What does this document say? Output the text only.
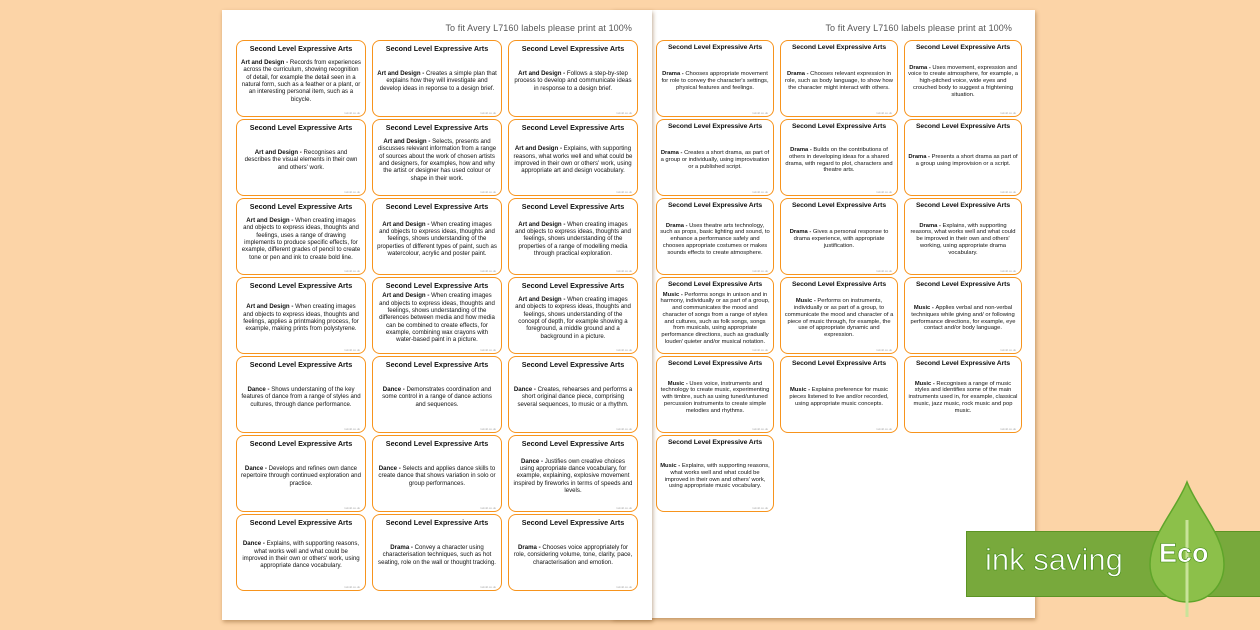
To fit Avery L7160 labels please print at 100%
Second Level Expressive Arts
Drama - Chooses appropriate movement for role to convey the character's settings, physical features and feelings.
twinkl.co.uk
Second Level Expressive Arts
Drama - Chooses relevant expression in role, such as body language, to show how the character might interact with others.
twinkl.co.uk
Second Level Expressive Arts
Drama - Uses movement, expression and voice to create atmosphere, for example, a high-pitched voice, wide eyes and crouched body to suggest a frightening situation.
twinkl.co.uk
Second Level Expressive Arts
Drama - Creates a short drama, as part of a group or individually, using improvisation or a published script.
twinkl.co.uk
Second Level Expressive Arts
Drama - Builds on the contributions of others in developing ideas for a shared drama, with regard to plot, characters and theatre arts.
twinkl.co.uk
Second Level Expressive Arts
Drama - Presents a short drama as part of a group using improvision or a script.
twinkl.co.uk
Second Level Expressive Arts
Drama - Uses theatre arts technology, such as props, basic lighting and sound, to enhance a performance safely and chooses appropriate costumes or makes sounds effects to create atmosphere.
twinkl.co.uk
Second Level Expressive Arts
Drama - Gives a personal response to drama experience, with appropriate justification.
twinkl.co.uk
Second Level Expressive Arts
Drama - Explains, with supporting reasons, what works well and what could be improved in their own and others' working, using appropriate drama vocabulary.
twinkl.co.uk
Second Level Expressive Arts
Music - Performs songs in unison and in harmony, individually or as part of a group, and communicates the mood and character of songs from a range of styles and cultures, such as folk songs, songs from musicals, using appropriate performance directions, such as gradually louder/ quieter and/or musical notation.
twinkl.co.uk
Second Level Expressive Arts
Music - Performs on instruments, individually or as part of a group, to communicate the mood and character of a piece of music through, for example, the use of appropriate dynamic and expression.
twinkl.co.uk
Second Level Expressive Arts
Music - Applies verbal and non-verbal techniques while giving and/ or following performance directions, for example, eye contact and/or body language.
twinkl.co.uk
Second Level Expressive Arts
Music - Uses voice, instruments and technology to create music, experimenting with timbre, such as using tuned/untuned percussion instruments to create simple melodies and rhythms.
twinkl.co.uk
Second Level Expressive Arts
Music - Explains preference for music pieces listened to live and/or recorded, using appropriate music concepts.
twinkl.co.uk
Second Level Expressive Arts
Music - Recognises a range of music styles and identifies some of the main instruments used in, for example, classical music, jazz music, rock music and pop music.
twinkl.co.uk
Second Level Expressive Arts
Music - Explains, with supporting reasons, what works well and what could be improved in their own and others' work, using appropriate music vocabulary.
twinkl.co.uk
To fit Avery L7160 labels please print at 100%
Second Level Expressive Arts
Art and Design - Records from experiences across the curriculum, showing recognition of detail, for example the detail seen in a natural form, such as a feather or a plant, or an interesting personal item, such as a bicycle.
twinkl.co.uk
Second Level Expressive Arts
Art and Design - Creates a simple plan that explains how they will investigate and develop ideas in reponse to a design brief.
twinkl.co.uk
Second Level Expressive Arts
Art and Design - Follows a step-by-step process to develop and communicate ideas in response to a design brief.
twinkl.co.uk
Second Level Expressive Arts
Art and Design - Recognises and describes the visual elements in their own and others' work.
twinkl.co.uk
Second Level Expressive Arts
Art and Design - Selects, presents and discusses relevant information from a range of sources about the work of chosen artists and designers, for examples, how and why the artist or designer has used colour or shape in their work.
twinkl.co.uk
Second Level Expressive Arts
Art and Design - Explains, with supporting reasons, what works well and what could be improved in their own or others' work, using appropriate art and design vocabulary.
twinkl.co.uk
Second Level Expressive Arts
Art and Design - When creating images and objects to express ideas, thoughts and feelings, uses a range of drawing implements to produce specific effects, for example, different grades of pencil to create tone or pen and ink to create bold line.
twinkl.co.uk
Second Level Expressive Arts
Art and Design - When creating images and objects to express ideas, thoughts and feelings, shows understanding of the properties of different types of paint, such as watercolour, acrylic and poster paint.
twinkl.co.uk
Second Level Expressive Arts
Art and Design - When creating images and objects to express ideas, thoughts and feelings, shows understanding of the properties of a range of modelling media through practical exploration.
twinkl.co.uk
Second Level Expressive Arts
Art and Design - When creating images and objects to express ideas, thoughts and feelings, applies a printmaking process, for example, making prints from polystyrene.
twinkl.co.uk
Second Level Expressive Arts
Art and Design - When creating images and objects to express ideas, thoughts and feelings, shows understanding of the differences between media and how media can be combined to create effects, for example, combining wax crayons with water-based paint in a picture.
twinkl.co.uk
Second Level Expressive Arts
Art and Design - When creating images and objects to express ideas, thoughts and feelings, shows understanding of the concept of depth, for example showing a foreground, a middle ground and a background in a picture.
twinkl.co.uk
Second Level Expressive Arts
Dance - Shows understaning of the key features of dance from a range of styles and cultures, through dance performance.
twinkl.co.uk
Second Level Expressive Arts
Dance - Demonstrates coordination and some control in a range of dance actions and sequences.
twinkl.co.uk
Second Level Expressive Arts
Dance - Creates, rehearses and performs a short original dance piece, comprising several sequences, to music or a rhythm.
twinkl.co.uk
Second Level Expressive Arts
Dance - Develops and refines own dance repertoire through continued exploration and practice.
twinkl.co.uk
Second Level Expressive Arts
Dance - Selects and applies dance skills to create dance that shows variation in solo or group performances.
twinkl.co.uk
Second Level Expressive Arts
Dance - Justifies own creative choices using appropriate dance vocabulary, for example, explaining, explosive movement inspired by fireworks in terms of speeds and levels.
twinkl.co.uk
Second Level Expressive Arts
Dance - Explains, with supporting reasons, what works well and what could be improved in their own or others' work, using appropriate dance vocabulary.
twinkl.co.uk
Second Level Expressive Arts
Drama - Convey a character using characterisation techniques, such as hot seating, role on the wall or thought tracking.
twinkl.co.uk
Second Level Expressive Arts
Drama - Chooses voice appropriately for role, considering volume, tone, clarity, pace, characterisation and emotion.
twinkl.co.uk
ink saving Eco
